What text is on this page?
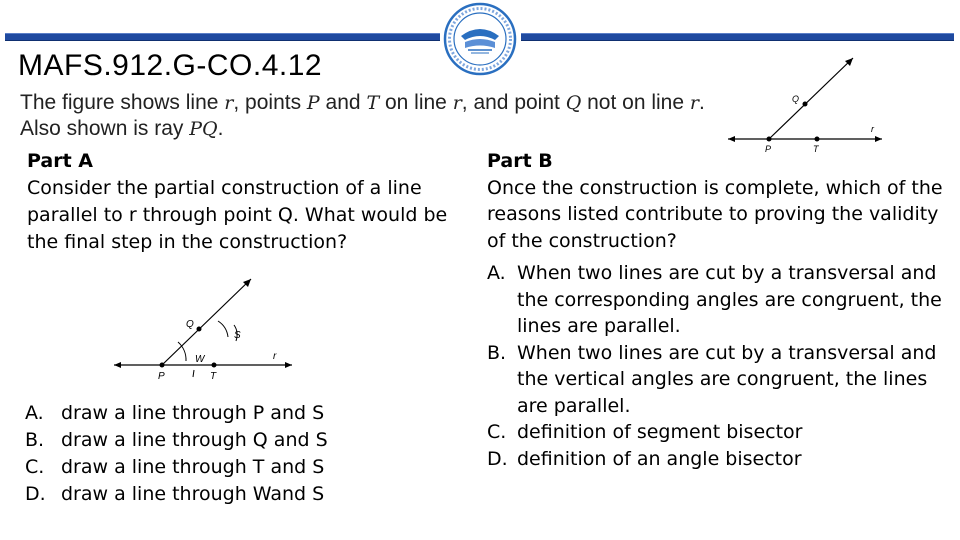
MAFS.912.G-CO.4.12
The figure shows line r, points P and T on line r, and point Q not on line r. Also shown is ray PQ.
Q
r
P	T
Part A
Consider the partial construction of a line parallel to r through point Q. What would be the final step in the construction?
Q
S
W	r
P	T
A. draw a line through P and S
B. draw a line through Q and S
C. draw a line through T and S
D. draw a line through Wand S
Part B
Once the construction is complete, which of the reasons listed contribute to proving the validity of the construction?
A. When two lines are cut by a transversal and the corresponding angles are congruent, the lines are parallel.
B. When two lines are cut by a transversal and the vertical angles are congruent, the lines are parallel.
C. definition of segment bisector
D. definition of an angle bisector
